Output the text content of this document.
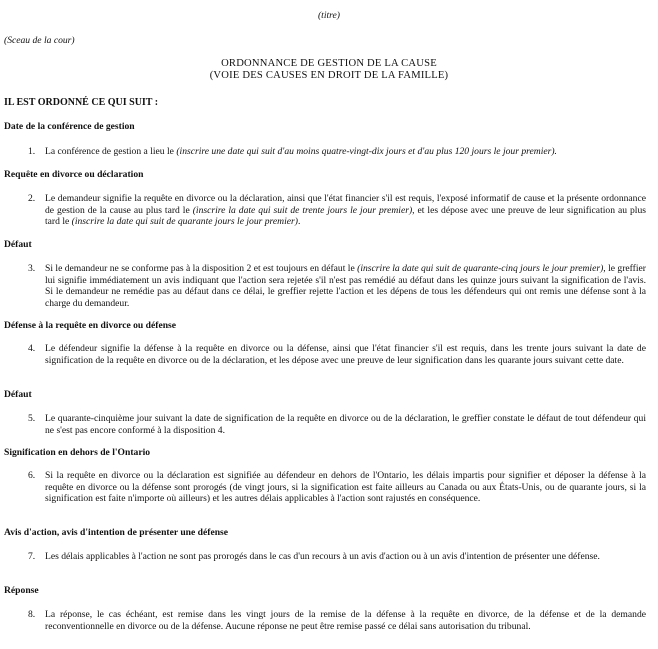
(titre)
(Sceau de la cour)
ORDONNANCE DE GESTION DE LA CAUSE
(VOIE DES CAUSES EN DROIT DE LA FAMILLE)
IL EST ORDONNÉ CE QUI SUIT :
Date de la conférence de gestion
1. La conférence de gestion a lieu le (inscrire une date qui suit d'au moins quatre-vingt-dix jours et d'au plus 120 jours le jour premier).
Requête en divorce ou déclaration
2. Le demandeur signifie la requête en divorce ou la déclaration, ainsi que l'état financier s'il est requis, l'exposé informatif de cause et la présente ordonnance de gestion de la cause au plus tard le (inscrire la date qui suit de trente jours le jour premier), et les dépose avec une preuve de leur signification au plus tard le (inscrire la date qui suit de quarante jours le jour premier).
Défaut
3. Si le demandeur ne se conforme pas à la disposition 2 et est toujours en défaut le (inscrire la date qui suit de quarante-cinq jours le jour premier), le greffier lui signifie immédiatement un avis indiquant que l'action sera rejetée s'il n'est pas remédié au défaut dans les quinze jours suivant la signification de l'avis. Si le demandeur ne remédie pas au défaut dans ce délai, le greffier rejette l'action et les dépens de tous les défendeurs qui ont remis une défense sont à la charge du demandeur.
Défense à la requête en divorce ou défense
4. Le défendeur signifie la défense à la requête en divorce ou la défense, ainsi que l'état financier s'il est requis, dans les trente jours suivant la date de signification de la requête en divorce ou de la déclaration, et les dépose avec une preuve de leur signification dans les quarante jours suivant cette date.
Défaut
5. Le quarante-cinquième jour suivant la date de signification de la requête en divorce ou de la déclaration, le greffier constate le défaut de tout défendeur qui ne s'est pas encore conformé à la disposition 4.
Signification en dehors de l'Ontario
6. Si la requête en divorce ou la déclaration est signifiée au défendeur en dehors de l'Ontario, les délais impartis pour signifier et déposer la défense à la requête en divorce ou la défense sont prorogés (de vingt jours, si la signification est faite ailleurs au Canada ou aux États-Unis, ou de quarante jours, si la signification est faite n'importe où ailleurs) et les autres délais applicables à l'action sont rajustés en conséquence.
Avis d'action, avis d'intention de présenter une défense
7. Les délais applicables à l'action ne sont pas prorogés dans le cas d'un recours à un avis d'action ou à un avis d'intention de présenter une défense.
Réponse
8. La réponse, le cas échéant, est remise dans les vingt jours de la remise de la défense à la requête en divorce, de la défense et de la demande reconventionnelle en divorce ou de la défense. Aucune réponse ne peut être remise passé ce délai sans autorisation du tribunal.
